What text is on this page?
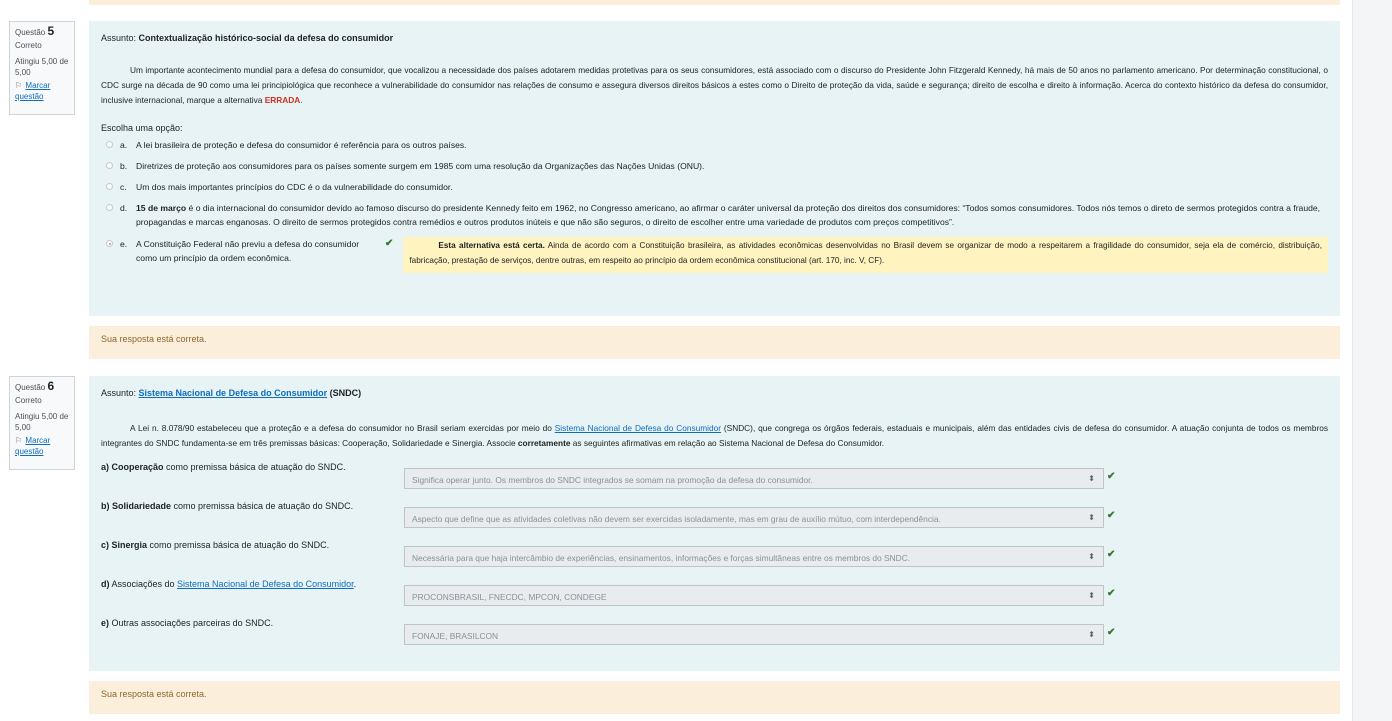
Questão 5
Correto
Atingiu 5,00 de 5,00
⚐ Marcar questão
Assunto: Contextualização histórico-social da defesa do consumidor
Um importante acontecimento mundial para a defesa do consumidor, que vocalizou a necessidade dos países adotarem medidas protetivas para os seus consumidores, está associado com o discurso do Presidente John Fitzgerald Kennedy, há mais de 50 anos no parlamento americano. Por determinação constitucional, o CDC surge na década de 90 como uma lei principiológica que reconhece a vulnerabilidade do consumidor nas relações de consumo e assegura diversos direitos básicos a estes como o Direito de proteção da vida, saúde e segurança; direito de escolha e direito à informação. Acerca do contexto histórico da defesa do consumidor, inclusive internacional, marque a alternativa ERRADA.
Escolha uma opção:
a. A lei brasileira de proteção e defesa do consumidor é referência para os outros países.
b. Diretrizes de proteção aos consumidores para os países somente surgem em 1985 com uma resolução da Organizações das Nações Unidas (ONU).
c. Um dos mais importantes princípios do CDC é o da vulnerabilidade do consumidor.
d. 15 de março é o dia internacional do consumidor devido ao famoso discurso do presidente Kennedy feito em 1962, no Congresso americano, ao afirmar o caráter universal da proteção dos direitos dos consumidores: “Todos somos consumidores. Todos nós temos o direto de sermos protegidos contra a fraude, propagandas e marcas enganosas. O direito de sermos protegidos contra remédios e outros produtos inúteis e que não são seguros, o direito de escolher entre uma variedade de produtos com preços competitivos”.
e. A Constituição Federal não previu a defesa do consumidor como um princípio da ordem econômica.
✔	Esta alternativa está certa. Ainda de acordo com a Constituição brasileira, as atividades econômicas desenvolvidas no Brasil devem se organizar de modo a respeitarem a fragilidade do consumidor, seja ela de comércio, distribuição, fabricação, prestação de serviços, dentre outras, em respeito ao princípio da ordem econômica constitucional (art. 170, inc. V, CF).
Sua resposta está correta.
Questão 6
Correto
Atingiu 5,00 de 5,00
⚐ Marcar questão
Assunto: Sistema Nacional de Defesa do Consumidor (SNDC)
A Lei n. 8.078/90 estabeleceu que a proteção e a defesa do consumidor no Brasil seriam exercidas por meio do Sistema Nacional de Defesa do Consumidor (SNDC), que congrega os órgãos federais, estaduais e municipais, além das entidades civis de defesa do consumidor. A atuação conjunta de todos os membros integrantes do SNDC fundamenta-se em três premissas básicas: Cooperação, Solidariedade e Sinergia. Associe corretamente as seguintes afirmativas em relação ao Sistema Nacional de Defesa do Consumidor.
a) Cooperação como premissa básica de atuação do SNDC.
Significa operar junto. Os membros do SNDC integrados se somam na promoção da defesa do consumidor.	⬍ ✔
b) Solidariedade como premissa básica de atuação do SNDC.
Aspecto que define que as atividades coletivas não devem ser exercidas isoladamente, mas em grau de auxílio mútuo, com interdependência.	⬍ ✔
c) Sinergia como premissa básica de atuação do SNDC.
Necessária para que haja intercâmbio de experiências, ensinamentos, informações e forças simultâneas entre os membros do SNDC.	⬍ ✔
d) Associações do Sistema Nacional de Defesa do Consumidor.
PROCONSBRASIL, FNECDC, MPCON, CONDEGE	⬍ ✔
e) Outras associações parceiras do SNDC.
FONAJE, BRASILCON	⬍ ✔
Sua resposta está correta.
